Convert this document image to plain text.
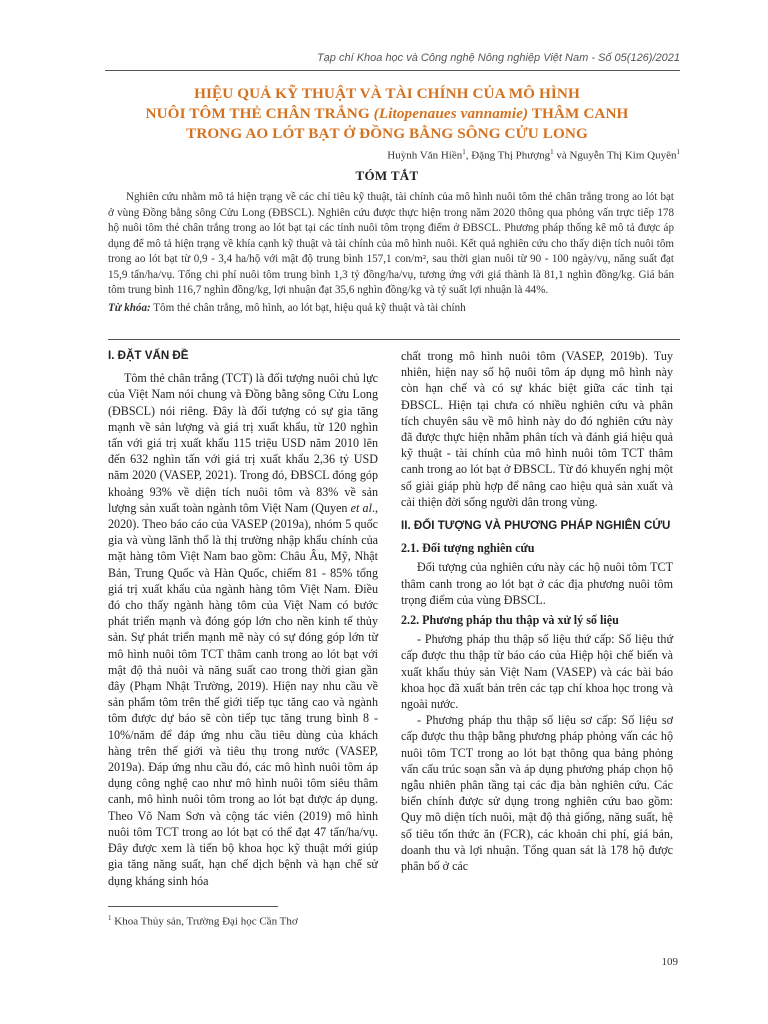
Tạp chí Khoa học và Công nghệ Nông nghiệp Việt Nam - Số 05(126)/2021
HIỆU QUẢ KỸ THUẬT VÀ TÀI CHÍNH CỦA MÔ HÌNH
NUÔI TÔM THẺ CHÂN TRẮNG (Litopenaues vannamie) THÂM CANH
TRONG AO LÓT BẠT Ở ĐỒNG BẰNG SÔNG CỬU LONG
Huỳnh Văn Hiền$^1$, Đặng Thị Phượng$^1$ và Nguyễn Thị Kim Quyên$^1$
TÓM TẮT

Nghiên cứu nhằm mô tả hiện trạng về các chỉ tiêu kỹ thuật, tài chính của mô hình nuôi tôm thẻ chân trắng trong ao lót bạt ở vùng Đồng bằng sông Cửu Long (ĐBSCL). Nghiên cứu được thực hiện trong năm 2020 thông qua phỏng vấn trực tiếp 178 hộ nuôi tôm thẻ chân trắng trong ao lót bạt tại các tỉnh nuôi tôm trọng điểm ở ĐBSCL. Phương pháp thống kê mô tả được áp dụng để mô tả hiện trạng về khía cạnh kỹ thuật và tài chính của mô hình nuôi. Kết quả nghiên cứu cho thấy diện tích nuôi tôm trong ao lót bạt từ 0,9 - 3,4 ha/hộ với mật độ trung bình 157,1 con/m², sau thời gian nuôi từ 90 - 100 ngày/vụ, năng suất đạt 15,9 tấn/ha/vụ. Tổng chi phí nuôi tôm trung bình 1,3 tỷ đồng/ha/vụ, tương ứng với giá thành là 81,1 nghìn đồng/kg. Giá bán tôm trung bình 116,7 nghìn đồng/kg, lợi nhuận đạt 35,6 nghìn đồng/kg và tỷ suất lợi nhuận là 44%.

Từ khóa: Tôm thẻ chân trắng, mô hình, ao lót bạt, hiệu quả kỹ thuật và tài chính
I. ĐẶT VẤN ĐỀ

Tôm thẻ chân trắng (TCT) là đối tượng nuôi chủ lực của Việt Nam nói chung và Đồng bằng sông Cửu Long (ĐBSCL) nói riêng. Đây là đối tượng có sự gia tăng mạnh về sản lượng và giá trị xuất khẩu, từ 120 nghìn tấn với giá trị xuất khẩu 115 triệu USD năm 2010 lên đến 632 nghìn tấn với giá trị xuất khẩu 2,36 tỷ USD năm 2020 (VASEP, 2021). Trong đó, ĐBSCL đóng góp khoảng 93% về diện tích nuôi tôm và 83% về sản lượng sản xuất toàn ngành tôm Việt Nam (Quyen et al., 2020). Theo báo cáo của VASEP (2019a), nhóm 5 quốc gia và vùng lãnh thổ là thị trường nhập khẩu chính của mặt hàng tôm Việt Nam bao gồm: Châu Âu, Mỹ, Nhật Bản, Trung Quốc và Hàn Quốc, chiếm 81 - 85% tổng giá trị xuất khẩu của ngành hàng tôm Việt Nam. Điều đó cho thấy ngành hàng tôm của Việt Nam có bước phát triển mạnh và đóng góp lớn cho nền kinh tế thủy sản. Sự phát triển mạnh mẽ này có sự đóng góp lớn từ mô hình nuôi tôm TCT thâm canh trong ao lót bạt với mật độ thả nuôi và năng suất cao trong thời gian gần đây (Phạm Nhật Trường, 2019). Hiện nay nhu cầu về sản phẩm tôm trên thế giới tiếp tục tăng cao và ngành tôm được dự báo sẽ còn tiếp tục tăng trung bình 8 - 10%/năm để đáp ứng nhu cầu tiêu dùng của khách hàng trên thế giới và tiêu thụ trong nước (VASEP, 2019a). Đáp ứng nhu cầu đó, các mô hình nuôi tôm áp dụng công nghệ cao như mô hình nuôi tôm siêu thâm canh, mô hình nuôi tôm trong ao lót bạt được áp dụng. Theo Võ Nam Sơn và cộng tác viên (2019) mô hình nuôi tôm TCT trong ao lót bạt có thể đạt 47 tấn/ha/vụ. Đây được xem là tiến bộ khoa học kỹ thuật mới giúp gia tăng năng suất, hạn chế dịch bệnh và hạn chế sử dụng kháng sinh hóa

chất trong mô hình nuôi tôm (VASEP, 2019b). Tuy nhiên, hiện nay số hộ nuôi tôm áp dụng mô hình này còn hạn chế và có sự khác biệt giữa các tỉnh tại ĐBSCL. Hiện tại chưa có nhiều nghiên cứu và phân tích chuyên sâu về mô hình này do đó nghiên cứu này đã được thực hiện nhằm phân tích và đánh giá hiệu quả kỹ thuật - tài chính của mô hình nuôi tôm TCT thâm canh trong ao lót bạt ở ĐBSCL. Từ đó khuyến nghị một số giải giáp phù hợp để nâng cao hiệu quả sản xuất và cải thiện đời sống người dân trong vùng.

II. ĐỐI TƯỢNG VÀ PHƯƠNG PHÁP NGHIÊN CỨU
2.1. Đối tượng nghiên cứu

Đối tượng của nghiên cứu này các hộ nuôi tôm TCT thâm canh trong ao lót bạt ở các địa phương nuôi tôm trọng điểm của vùng ĐBSCL.

2.2. Phương pháp thu thập và xử lý số liệu

- Phương pháp thu thập số liệu thứ cấp: Số liệu thứ cấp được thu thập từ báo cáo của Hiệp hội chế biến và xuất khẩu thủy sản Việt Nam (VASEP) và các bài báo khoa học đã xuất bản trên các tạp chí khoa học trong và ngoài nước.

- Phương pháp thu thập số liệu sơ cấp: Số liệu sơ cấp được thu thập bằng phương pháp phỏng vấn các hộ nuôi tôm TCT trong ao lót bạt thông qua bảng phỏng vấn cấu trúc soạn sẵn và áp dụng phương pháp chọn hộ ngẫu nhiên phân tầng tại các địa bàn nghiên cứu. Các biến chính được sử dụng trong nghiên cứu bao gồm: Quy mô diện tích nuôi, mật độ thả giống, năng suất, hệ số tiêu tốn thức ăn (FCR), các khoản chi phí, giá bán, doanh thu và lợi nhuận. Tổng quan sát là 178 hộ được phân bố ở các

$^1$ Khoa Thủy sản, Trường Đại học Cần Thơ
109
